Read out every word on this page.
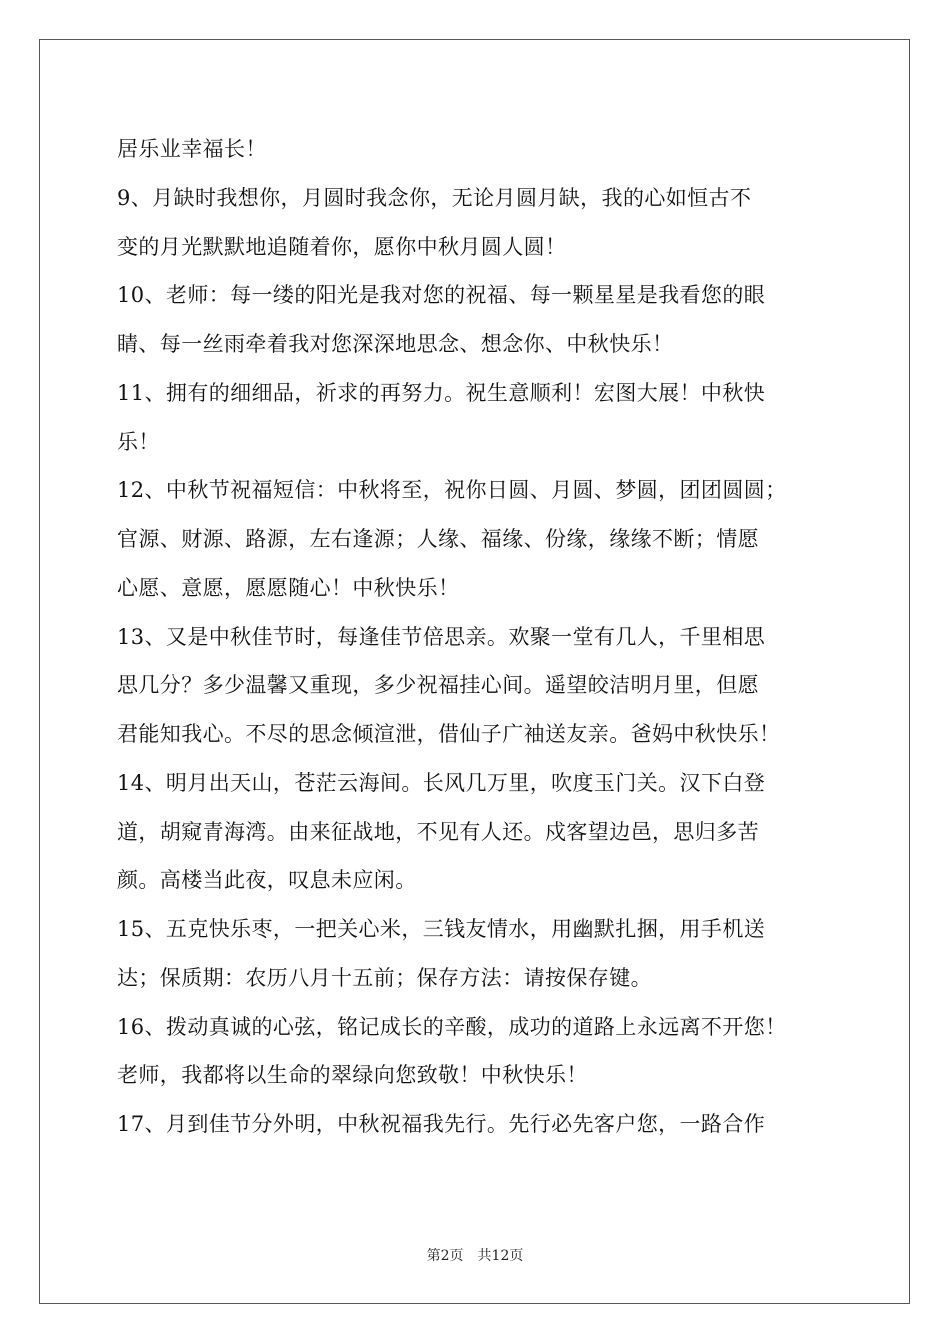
居乐业幸福长！
9、月缺时我想你，月圆时我念你，无论月圆月缺，我的心如恒古不
变的月光默默地追随着你，愿你中秋月圆人圆！
10、老师：每一缕的阳光是我对您的祝福、每一颗星星是我看您的眼
睛、每一丝雨牵着我对您深深地思念、想念你、中秋快乐！
11、拥有的细细品，祈求的再努力。祝生意顺利！宏图大展！中秋快
乐！
12、中秋节祝福短信：中秋将至，祝你日圆、月圆、梦圆，团团圆圆；
官源、财源、路源，左右逢源；人缘、福缘、份缘，缘缘不断；情愿
心愿、意愿，愿愿随心！中秋快乐！
13、又是中秋佳节时，每逢佳节倍思亲。欢聚一堂有几人，千里相思
思几分？多少温馨又重现，多少祝福挂心间。遥望皎洁明月里，但愿
君能知我心。不尽的思念倾渲泄，借仙子广袖送友亲。爸妈中秋快乐！
14、明月出天山，苍茫云海间。长风几万里，吹度玉门关。汉下白登
道，胡窥青海湾。由来征战地，不见有人还。戍客望边邑，思归多苦
颜。高楼当此夜，叹息未应闲。
15、五克快乐枣，一把关心米，三钱友情水，用幽默扎捆，用手机送
达；保质期：农历八月十五前；保存方法：请按保存键。
16、拨动真诚的心弦，铭记成长的辛酸，成功的道路上永远离不开您！
老师，我都将以生命的翠绿向您致敬！中秋快乐！
17、月到佳节分外明，中秋祝福我先行。先行必先客户您，一路合作
第2页 共12页
